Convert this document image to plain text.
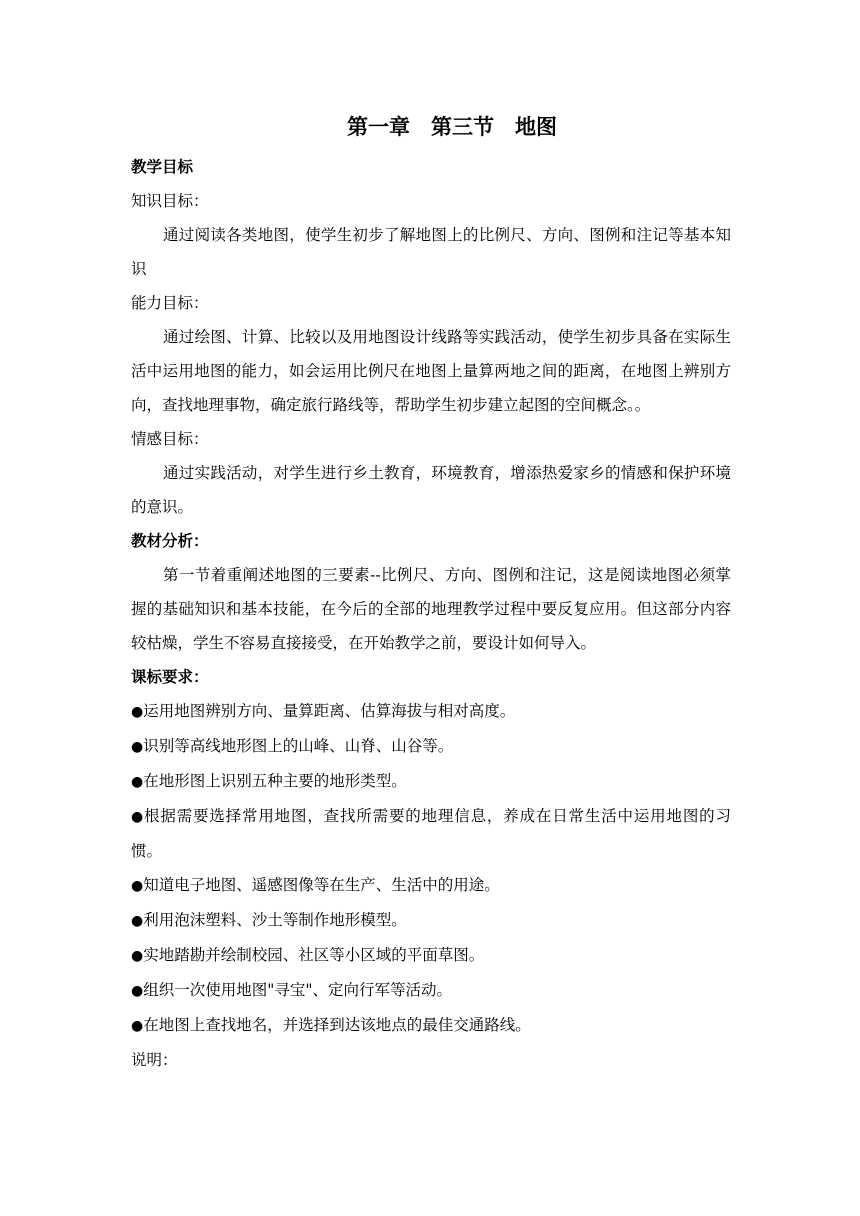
第一章　第三节　地图

教学目标

知识目标：

通过阅读各类地图，使学生初步了解地图上的比例尺、方向、图例和注记等基本知识

能力目标：

通过绘图、计算、比较以及用地图设计线路等实践活动，使学生初步具备在实际生活中运用地图的能力，如会运用比例尺在地图上量算两地之间的距离，在地图上辨别方向，查找地理事物，确定旅行路线等，帮助学生初步建立起图的空间概念。。

情感目标：

通过实践活动，对学生进行乡土教育，环境教育，增添热爱家乡的情感和保护环境的意识。

教材分析：

第一节着重阐述地图的三要素--比例尺、方向、图例和注记，这是阅读地图必须掌握的基础知识和基本技能，在今后的全部的地理教学过程中要反复应用。但这部分内容较枯燥，学生不容易直接接受，在开始教学之前，要设计如何导入。

课标要求：

●运用地图辨别方向、量算距离、估算海拔与相对高度。
●识别等高线地形图上的山峰、山脊、山谷等。
●在地形图上识别五种主要的地形类型。
●根据需要选择常用地图，查找所需要的地理信息，养成在日常生活中运用地图的习惯。
●知道电子地图、遥感图像等在生产、生活中的用途。
●利用泡沫塑料、沙土等制作地形模型。
●实地踏勘并绘制校园、社区等小区域的平面草图。
●组织一次使用地图"寻宝"、定向行军等活动。
●在地图上查找地名，并选择到达该地点的最佳交通路线。

说明：
